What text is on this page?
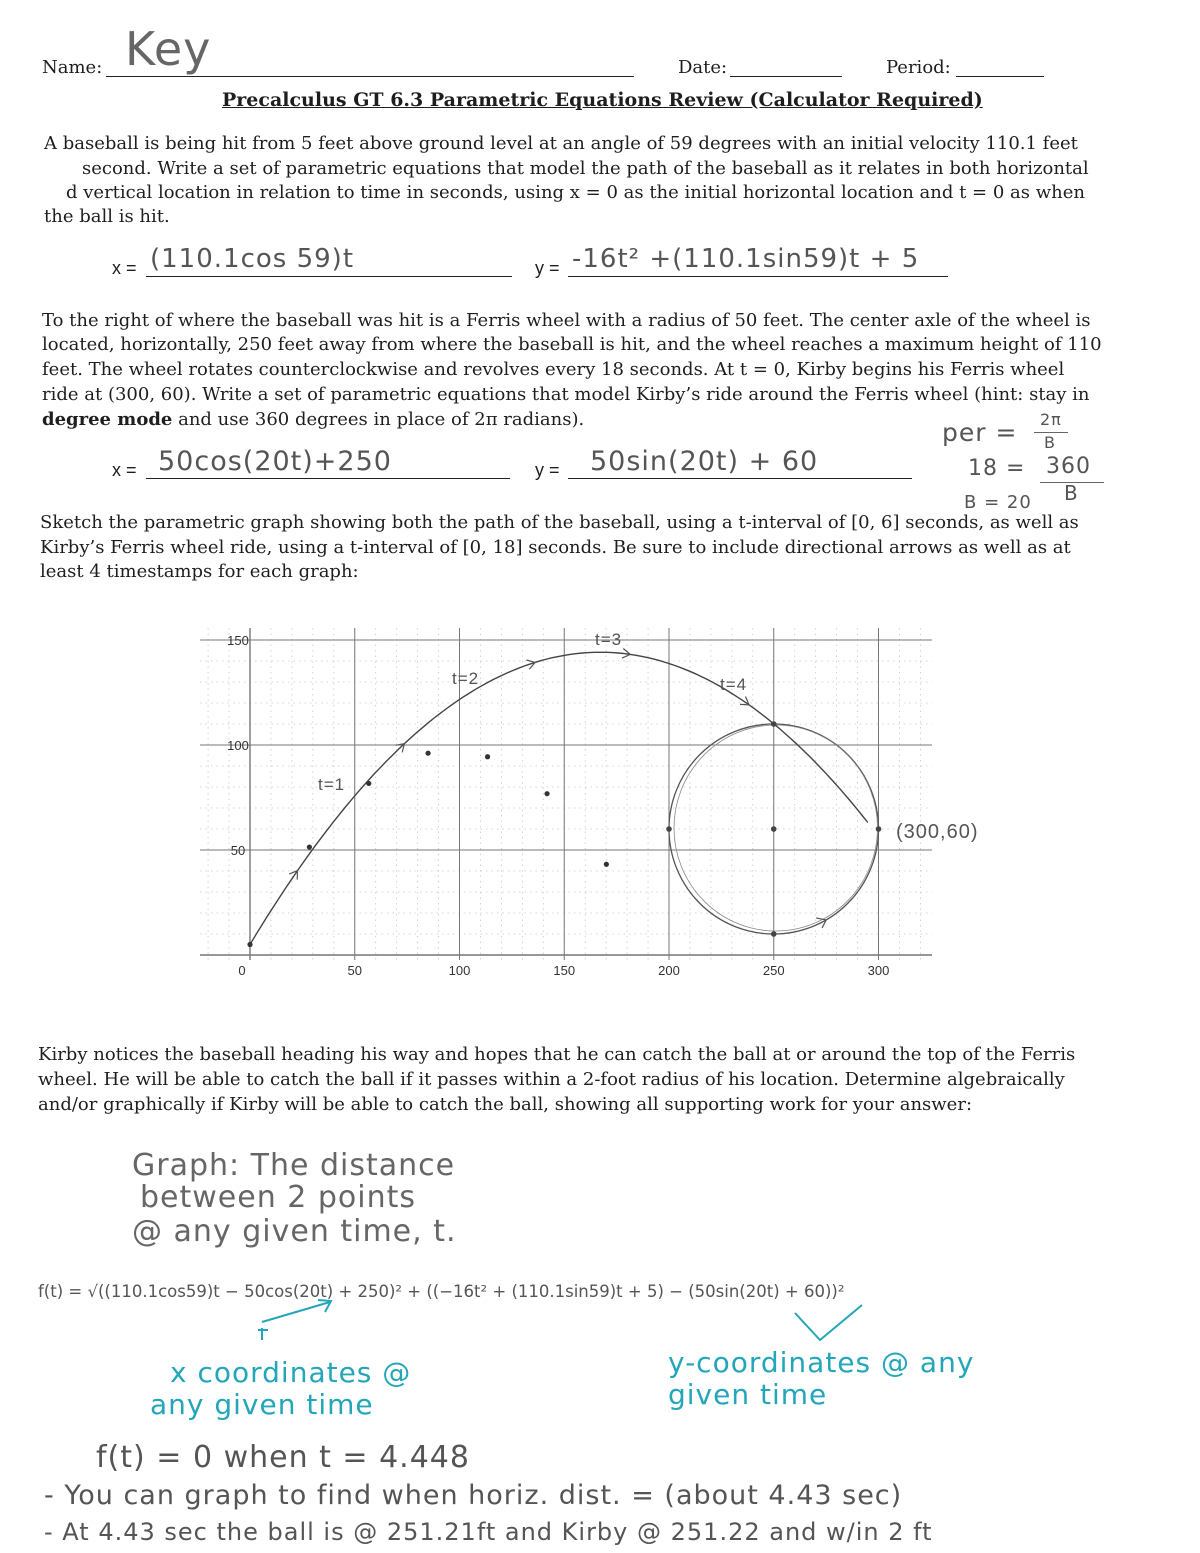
Name: Key	Date:	Period:
Precalculus GT 6.3 Parametric Equations Review (Calculator Required)
A baseball is being hit from 5 feet above ground level at an angle of 59 degrees with an initial velocity 110.1 feet
second. Write a set of parametric equations that model the path of the baseball as it relates in both horizontal
d vertical location in relation to time in seconds, using x = 0 as the initial horizontal location and t = 0 as when
the ball is hit.
x = (110.1cos 59)t	y = -16t² +(110.1sin59)t + 5
To the right of where the baseball was hit is a Ferris wheel with a radius of 50 feet. The center axle of the wheel is
located, horizontally, 250 feet away from where the baseball is hit, and the wheel reaches a maximum height of 110
feet. The wheel rotates counterclockwise and revolves every 18 seconds. At t = 0, Kirby begins his Ferris wheel
ride at (300, 60). Write a set of parametric equations that model Kirby’s ride around the Ferris wheel (hint: stay in
degree mode and use 360 degrees in place of 2π radians).	per = 2π
B
18 = 360
B
B = 20
x = 50cos(20t)+250	y = 50sin(20t) + 60
Sketch the parametric graph showing both the path of the baseball, using a t-interval of [0, 6] seconds, as well as
Kirby’s Ferris wheel ride, using a t-interval of [0, 18] seconds. Be sure to include directional arrows as well as at
least 4 timestamps for each graph:
0	50	100	150	200	250	300
50
100
150
t=1
t=2
t=3
t=4
(300,60)
Kirby notices the baseball heading his way and hopes that he can catch the ball at or around the top of the Ferris
wheel. He will be able to catch the ball if it passes within a 2-foot radius of his location. Determine algebraically
and/or graphically if Kirby will be able to catch the ball, showing all supporting work for your answer:
Graph: The distance
between 2 points
@ any given time, t.
f(t) = √((110.1cos59)t − 50cos(20t) + 250)² + ((−16t² + (110.1sin59)t + 5) − (50sin(20t) + 60))²
x coordinates @
any given time
y-coordinates @ any
given time
f(t) = 0 when t = 4.448
- You can graph to find when horiz. dist. = (about 4.43 sec)
- At 4.43 sec the ball is @ 251.21ft and Kirby @ 251.22 and w/in 2 ft
